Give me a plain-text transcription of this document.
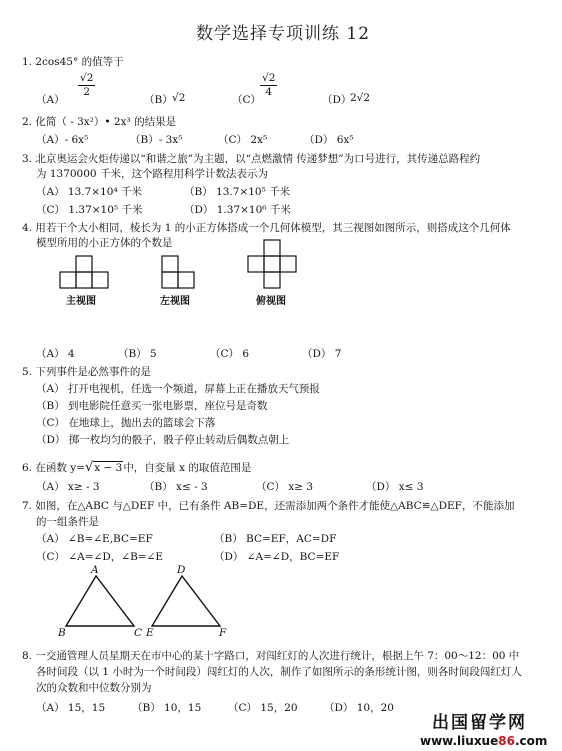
数学选择专项训练 12
1. 2cos45° 的值等于
（A）
$\frac{√2}{2}$
（B） √2	（C）
$\frac{√2}{4}$
（D）
2√2
2. 化简（ - 3x²）• 2x³ 的结果是
（A）- 6x⁵	（B）- 3x⁵	（C） 2x⁵	（D） 6x⁵
3. 北京奥运会火炬传递以“和谐之旅”为主题，以“点燃激情 传递梦想”为口号进行，其传递总路程约
为 1370000 千米，这个路程用科学计数法表示为
（A） 13.7×10⁴ 千米	（B） 13.7×10⁵ 千米
（C） 1.37×10⁵ 千米	（D） 1.37×10⁶ 千米
4. 用若干个大小相同，棱长为 1 的小正方体搭成一个几何体模型，其三视图如图所示，则搭成这个几何体
模型所用的小正方体的个数是
主视图	左视图	俯视图
（A） 4	（B） 5	（C） 6	（D） 7
5. 下列事件是必然事件的是
（A） 打开电视机，任选一个频道，屏幕上正在播放天气预报
（B） 到电影院任意买一张电影票，座位号是奇数
（C） 在地球上，抛出去的篮球会下落
（D） 掷一枚均匀的骰子，骰子停止转动后偶数点朝上
6. 在函数 y=√x − 3中，自变量 x 的取值范围是
（A） x≥ - 3	（B） x≤ - 3	（C） x≥ 3	（D） x≤ 3
7. 如图，在△ABC 与△DEF 中，已有条件 AB=DE，还需添加两个条件才能使△ABC≌△DEF，不能添加
的一组条件是
（A） ∠B=∠E,BC=EF	（B） BC=EF，AC=DF
（C） ∠A=∠D，∠B=∠E	（D） ∠A=∠D，BC=EF
A
B	C
D
E	F
8. 一交通管理人员星期天在市中心的某十字路口，对闯红灯的人次进行统计，根据上午 7：00～12：00 中
各时间段（以 1 小时为一个时间段）闯红灯的人次，制作了如图所示的条形统计图，则各时间段闯红灯人
次的众数和中位数分别为
（A） 15，15	（B） 10，15	（C） 15，20	（D） 10，20
出国留学网
www.liuxue86.com
